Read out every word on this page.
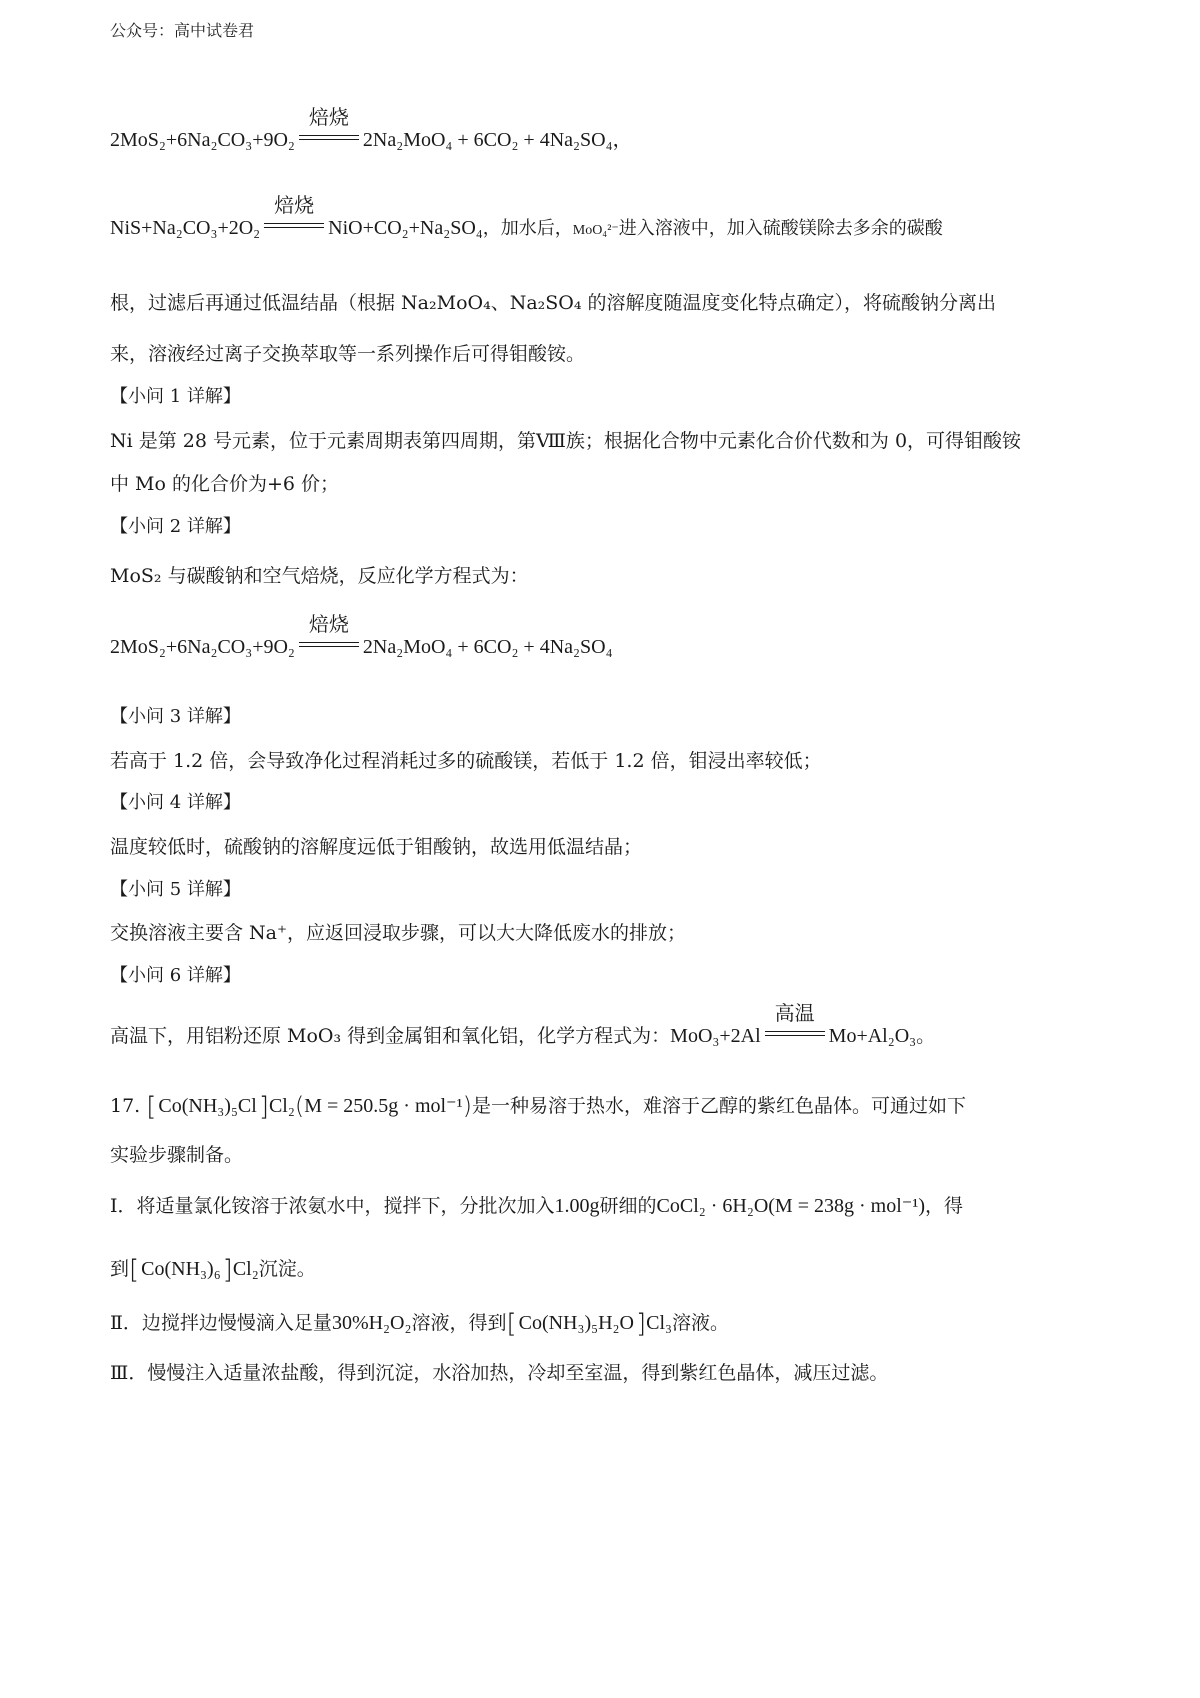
公众号：高中试卷君
2MoS₂+6Na₂CO₃+9O₂
焙烧
2Na₂MoO₄ + 6CO₂ + 4Na₂SO₄，
NiS+Na₂CO₃+2O₂
焙烧
NiO+CO₂+Na₂SO₄，加水后，MoO₄²⁻进入溶液中，加入硫酸镁除去多余的碳酸
根，过滤后再通过低温结晶（根据 Na₂MoO₄、Na₂SO₄ 的溶解度随温度变化特点确定），将硫酸钠分离出
来，溶液经过离子交换萃取等一系列操作后可得钼酸铵。
【小问 1 详解】
Ni 是第 28 号元素，位于元素周期表第四周期，第Ⅷ族；根据化合物中元素化合价代数和为 0，可得钼酸铵
中 Mo 的化合价为+6 价；
【小问 2 详解】
MoS₂ 与碳酸钠和空气焙烧，反应化学方程式为：
2MoS₂+6Na₂CO₃+9O₂
焙烧
2Na₂MoO₄ + 6CO₂ + 4Na₂SO₄
【小问 3 详解】
若高于 1.2 倍，会导致净化过程消耗过多的硫酸镁，若低于 1.2 倍，钼浸出率较低；
【小问 4 详解】
温度较低时，硫酸钠的溶解度远低于钼酸钠，故选用低温结晶；
【小问 5 详解】
交换溶液主要含 Na⁺，应返回浸取步骤，可以大大降低废水的排放；
【小问 6 详解】
高温下，用铝粉还原 MoO₃ 得到金属钼和氧化铝，化学方程式为：MoO₃+2Al
高温
Mo+Al₂O₃。
17. [ Co(NH₃)₅Cl]Cl₂(M = 250.5g · mol⁻¹)是一种易溶于热水，难溶于乙醇的紫红色晶体。可通过如下
实验步骤制备。
Ⅰ．将适量氯化铵溶于浓氨水中，搅拌下，分批次加入1.00g研细的CoCl₂ · 6H₂O(M = 238g · mol⁻¹)，得
到[ Co(NH₃)₆]Cl₂沉淀。
Ⅱ．边搅拌边慢慢滴入足量30%H₂O₂溶液，得到[ Co(NH₃)₅H₂O]Cl₃溶液。
Ⅲ．慢慢注入适量浓盐酸，得到沉淀，水浴加热，冷却至室温，得到紫红色晶体，减压过滤。
